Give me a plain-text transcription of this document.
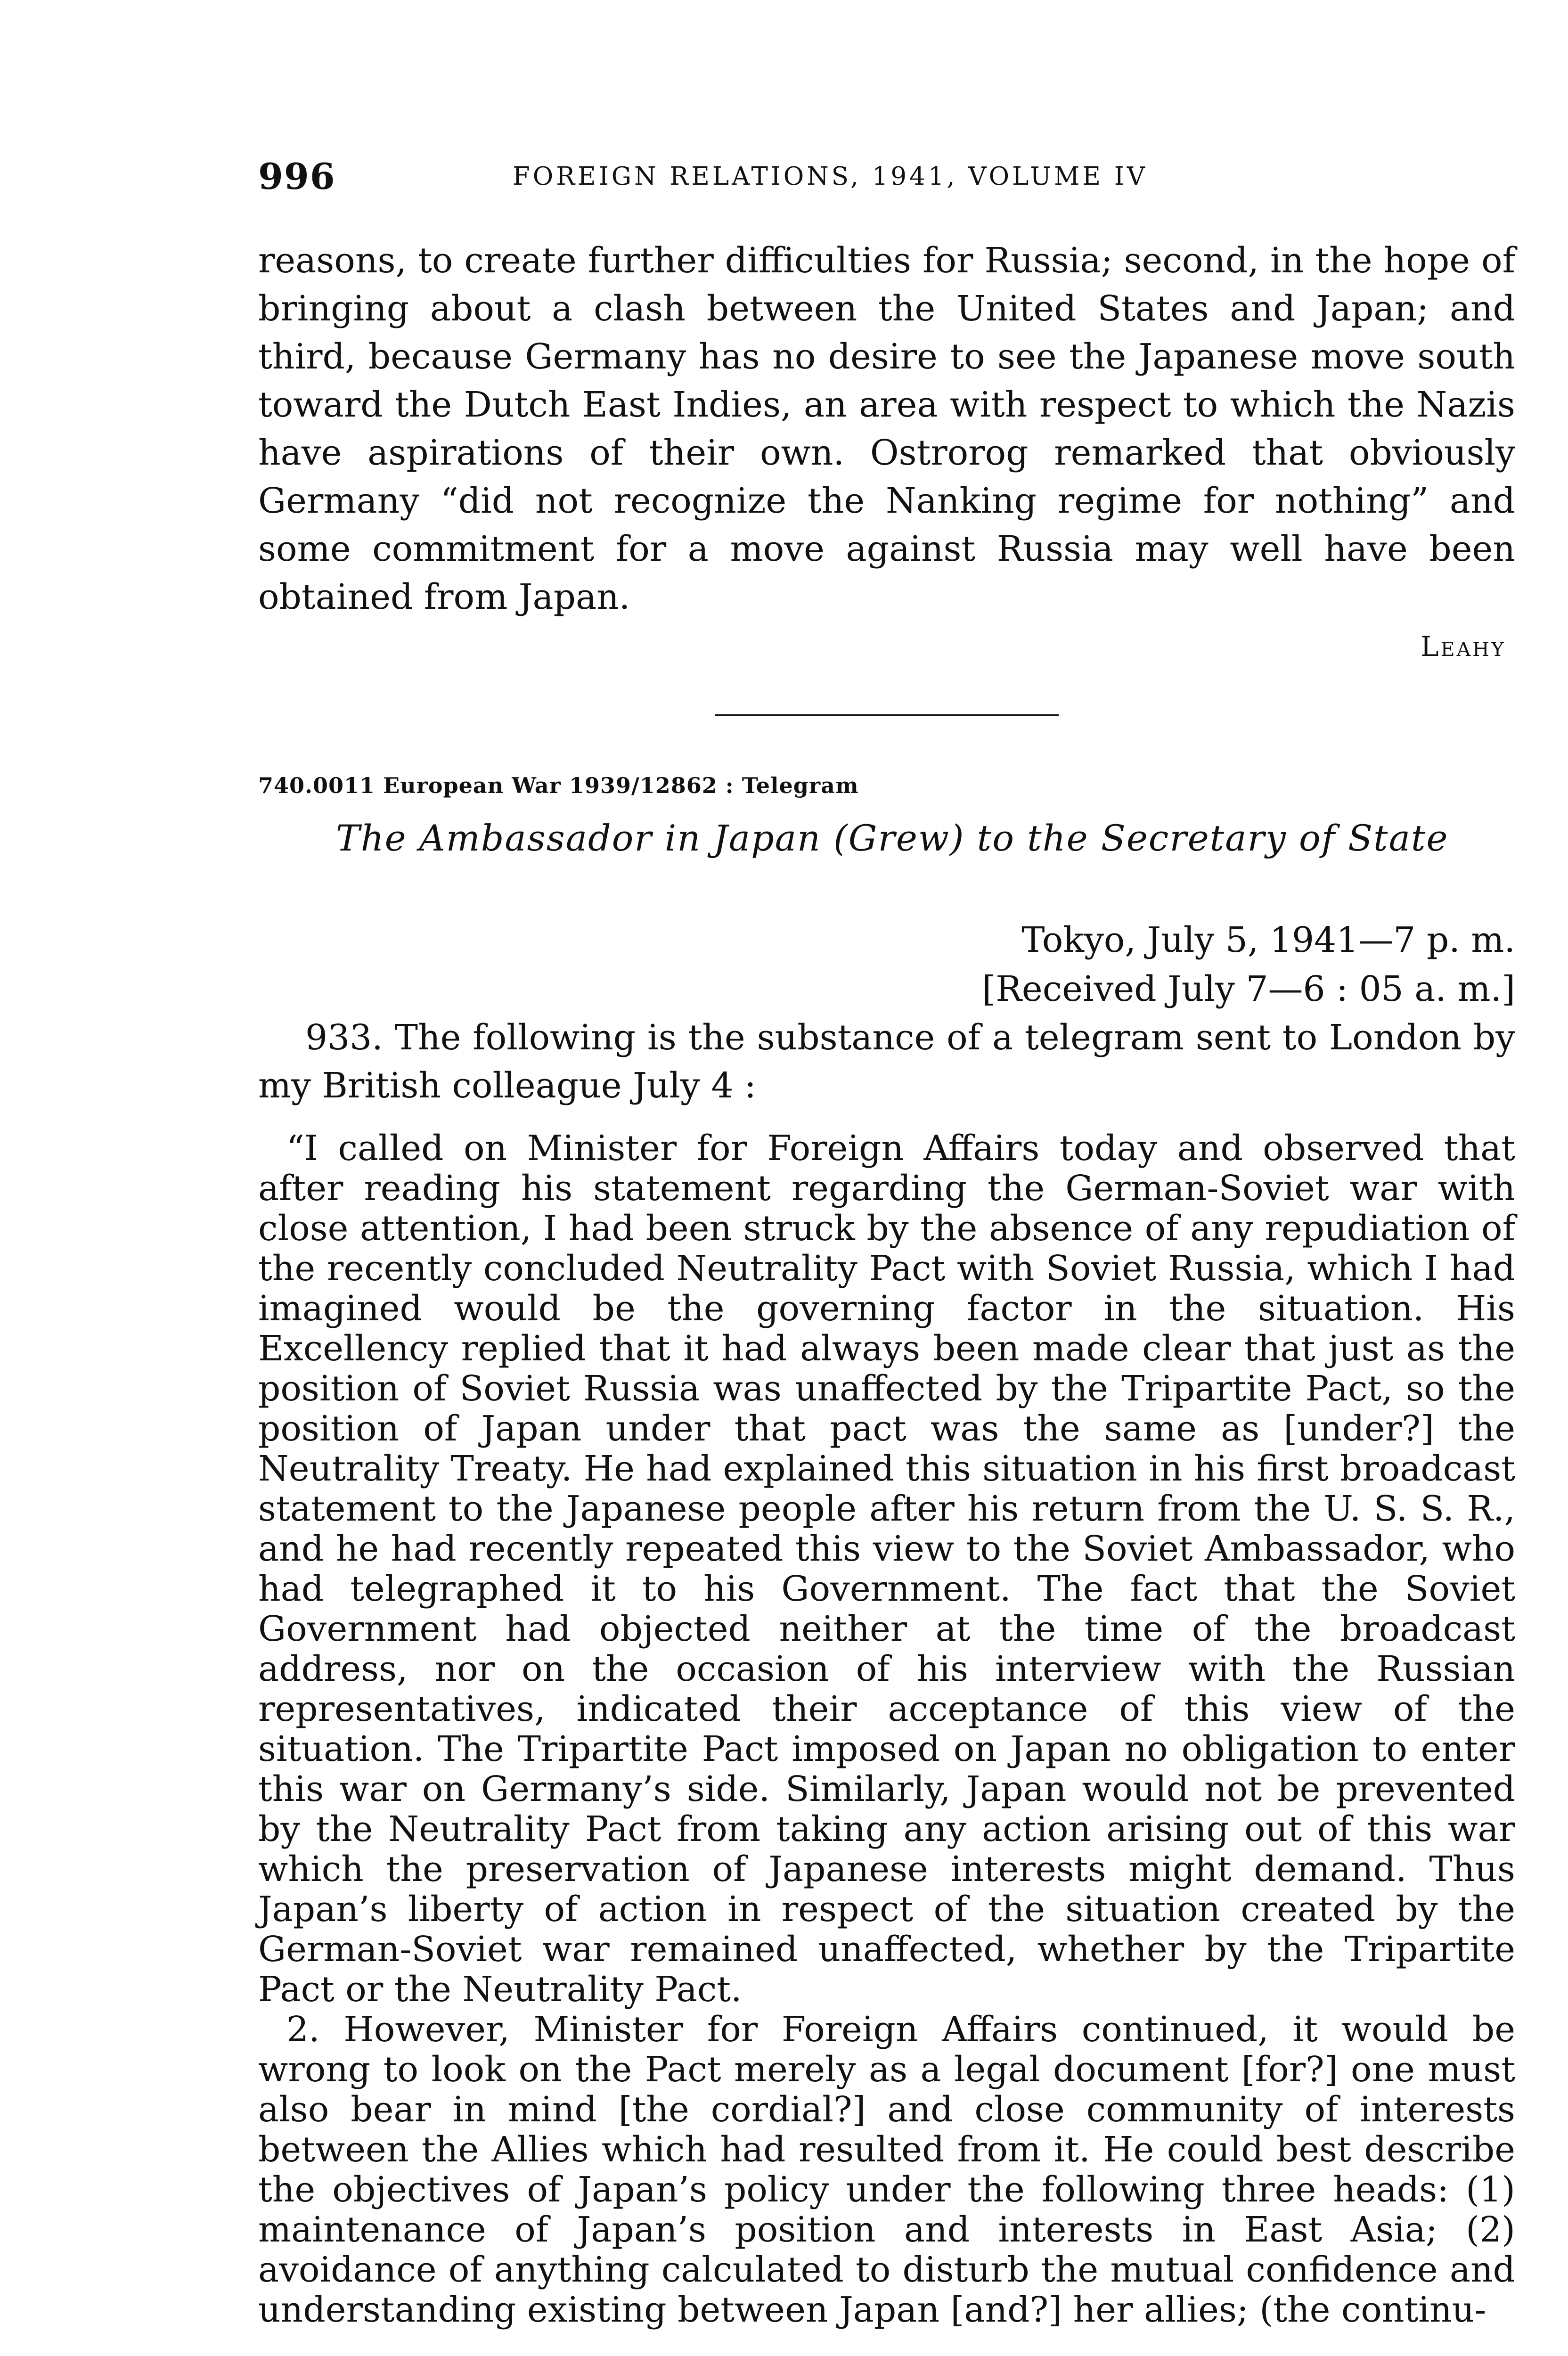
996	FOREIGN RELATIONS, 1941, VOLUME IV

reasons, to create further difficulties for Russia; second, in the hope of bringing about a clash between the United States and Japan; and third, because Germany has no desire to see the Japanese move south toward the Dutch East Indies, an area with respect to which the Nazis have aspirations of their own. Ostrorog remarked that obviously Germany “did not recognize the Nanking regime for nothing” and some commitment for a move against Russia may well have been obtained from Japan.

Leahy
740.0011 European War 1939/12862 : Telegram
The Ambassador in Japan (Grew) to the Secretary of State
Tokyo, July 5, 1941—7 p. m.
[Received July 7—6 : 05 a. m.]

933. The following is the substance of a telegram sent to London by my British colleague July 4 :

“I called on Minister for Foreign Affairs today and observed that after reading his statement regarding the German-Soviet war with close attention, I had been struck by the absence of any repudiation of the recently concluded Neutrality Pact with Soviet Russia, which I had imagined would be the governing factor in the situation. His Excellency replied that it had always been made clear that just as the position of Soviet Russia was unaffected by the Tripartite Pact, so the position of Japan under that pact was the same as [under?] the Neutrality Treaty. He had explained this situation in his first broadcast statement to the Japanese people after his return from the U. S. S. R., and he had recently repeated this view to the Soviet Ambassador, who had telegraphed it to his Government. The fact that the Soviet Government had objected neither at the time of the broadcast address, nor on the occasion of his interview with the Russian representatives, indicated their acceptance of this view of the situation. The Tripartite Pact imposed on Japan no obligation to enter this war on Germany’s side. Similarly, Japan would not be prevented by the Neutrality Pact from taking any action arising out of this war which the preservation of Japanese interests might demand. Thus Japan’s liberty of action in respect of the situation created by the German-Soviet war remained unaffected, whether by the Tripartite Pact or the Neutrality Pact.

2. However, Minister for Foreign Affairs continued, it would be wrong to look on the Pact merely as a legal document [for?] one must also bear in mind [the cordial?] and close community of interests between the Allies which had resulted from it. He could best describe the objectives of Japan’s policy under the following three heads: (1) maintenance of Japan’s position and interests in East Asia; (2) avoidance of anything calculated to disturb the mutual confidence and understanding existing between Japan [and?] her allies; (the continu-
